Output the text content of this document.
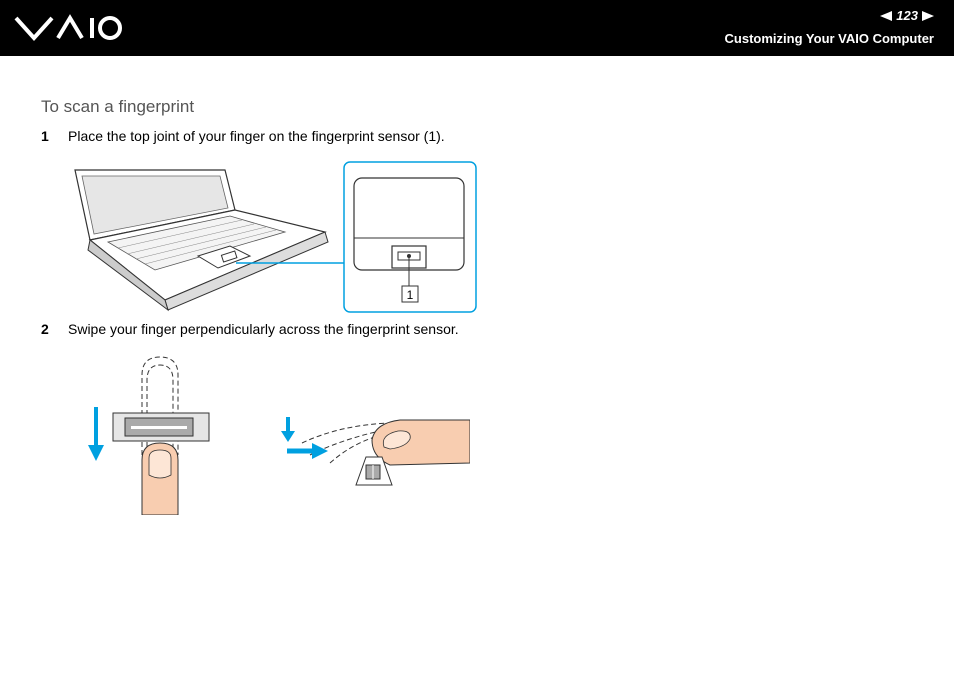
123
Customizing Your VAIO Computer
To scan a fingerprint
1 Place the top joint of your finger on the fingerprint sensor (1).
1
2 Swipe your finger perpendicularly across the fingerprint sensor.
